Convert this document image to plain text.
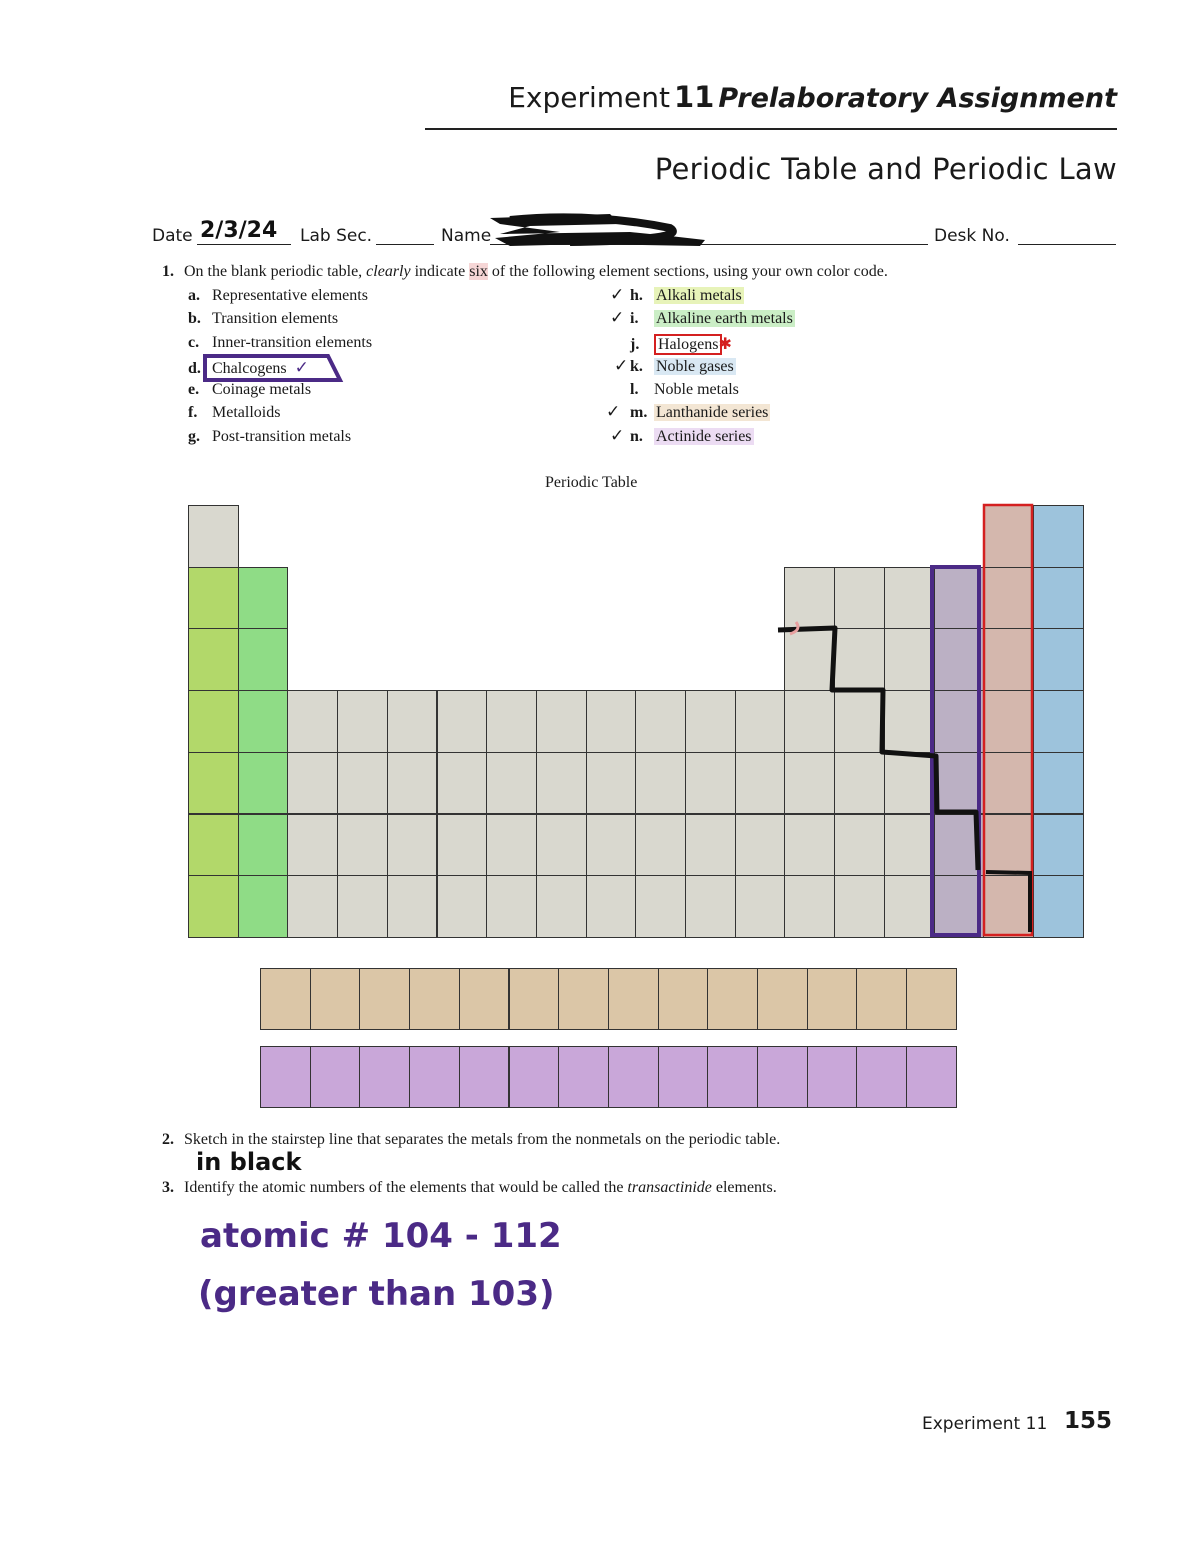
Experiment 11 Prelaboratory Assignment
Periodic Table and Periodic Law
Date 2/3/24 Lab Sec.	Name	Desk No.
1. On the blank periodic table, clearly indicate six of the following element sections, using your own color code.
a. Representative elements
b. Transition elements
c. Inner-transition elements
d. Chalcogens ✓
e. Coinage metals
f. Metalloids
g. Post-transition metals
✓ h. Alkali metals
✓ i. Alkaline earth metals
j. Halogens ✱
✓ k. Noble gases
l. Noble metals
✓ m. Lanthanide series
✓ n. Actinide series
Periodic Table
2. Sketch in the stairstep line that separates the metals from the nonmetals on the periodic table.
in black
3. Identify the atomic numbers of the elements that would be called the transactinide elements.
atomic # 104 - 112
(greater than 103)
Experiment 11 155
